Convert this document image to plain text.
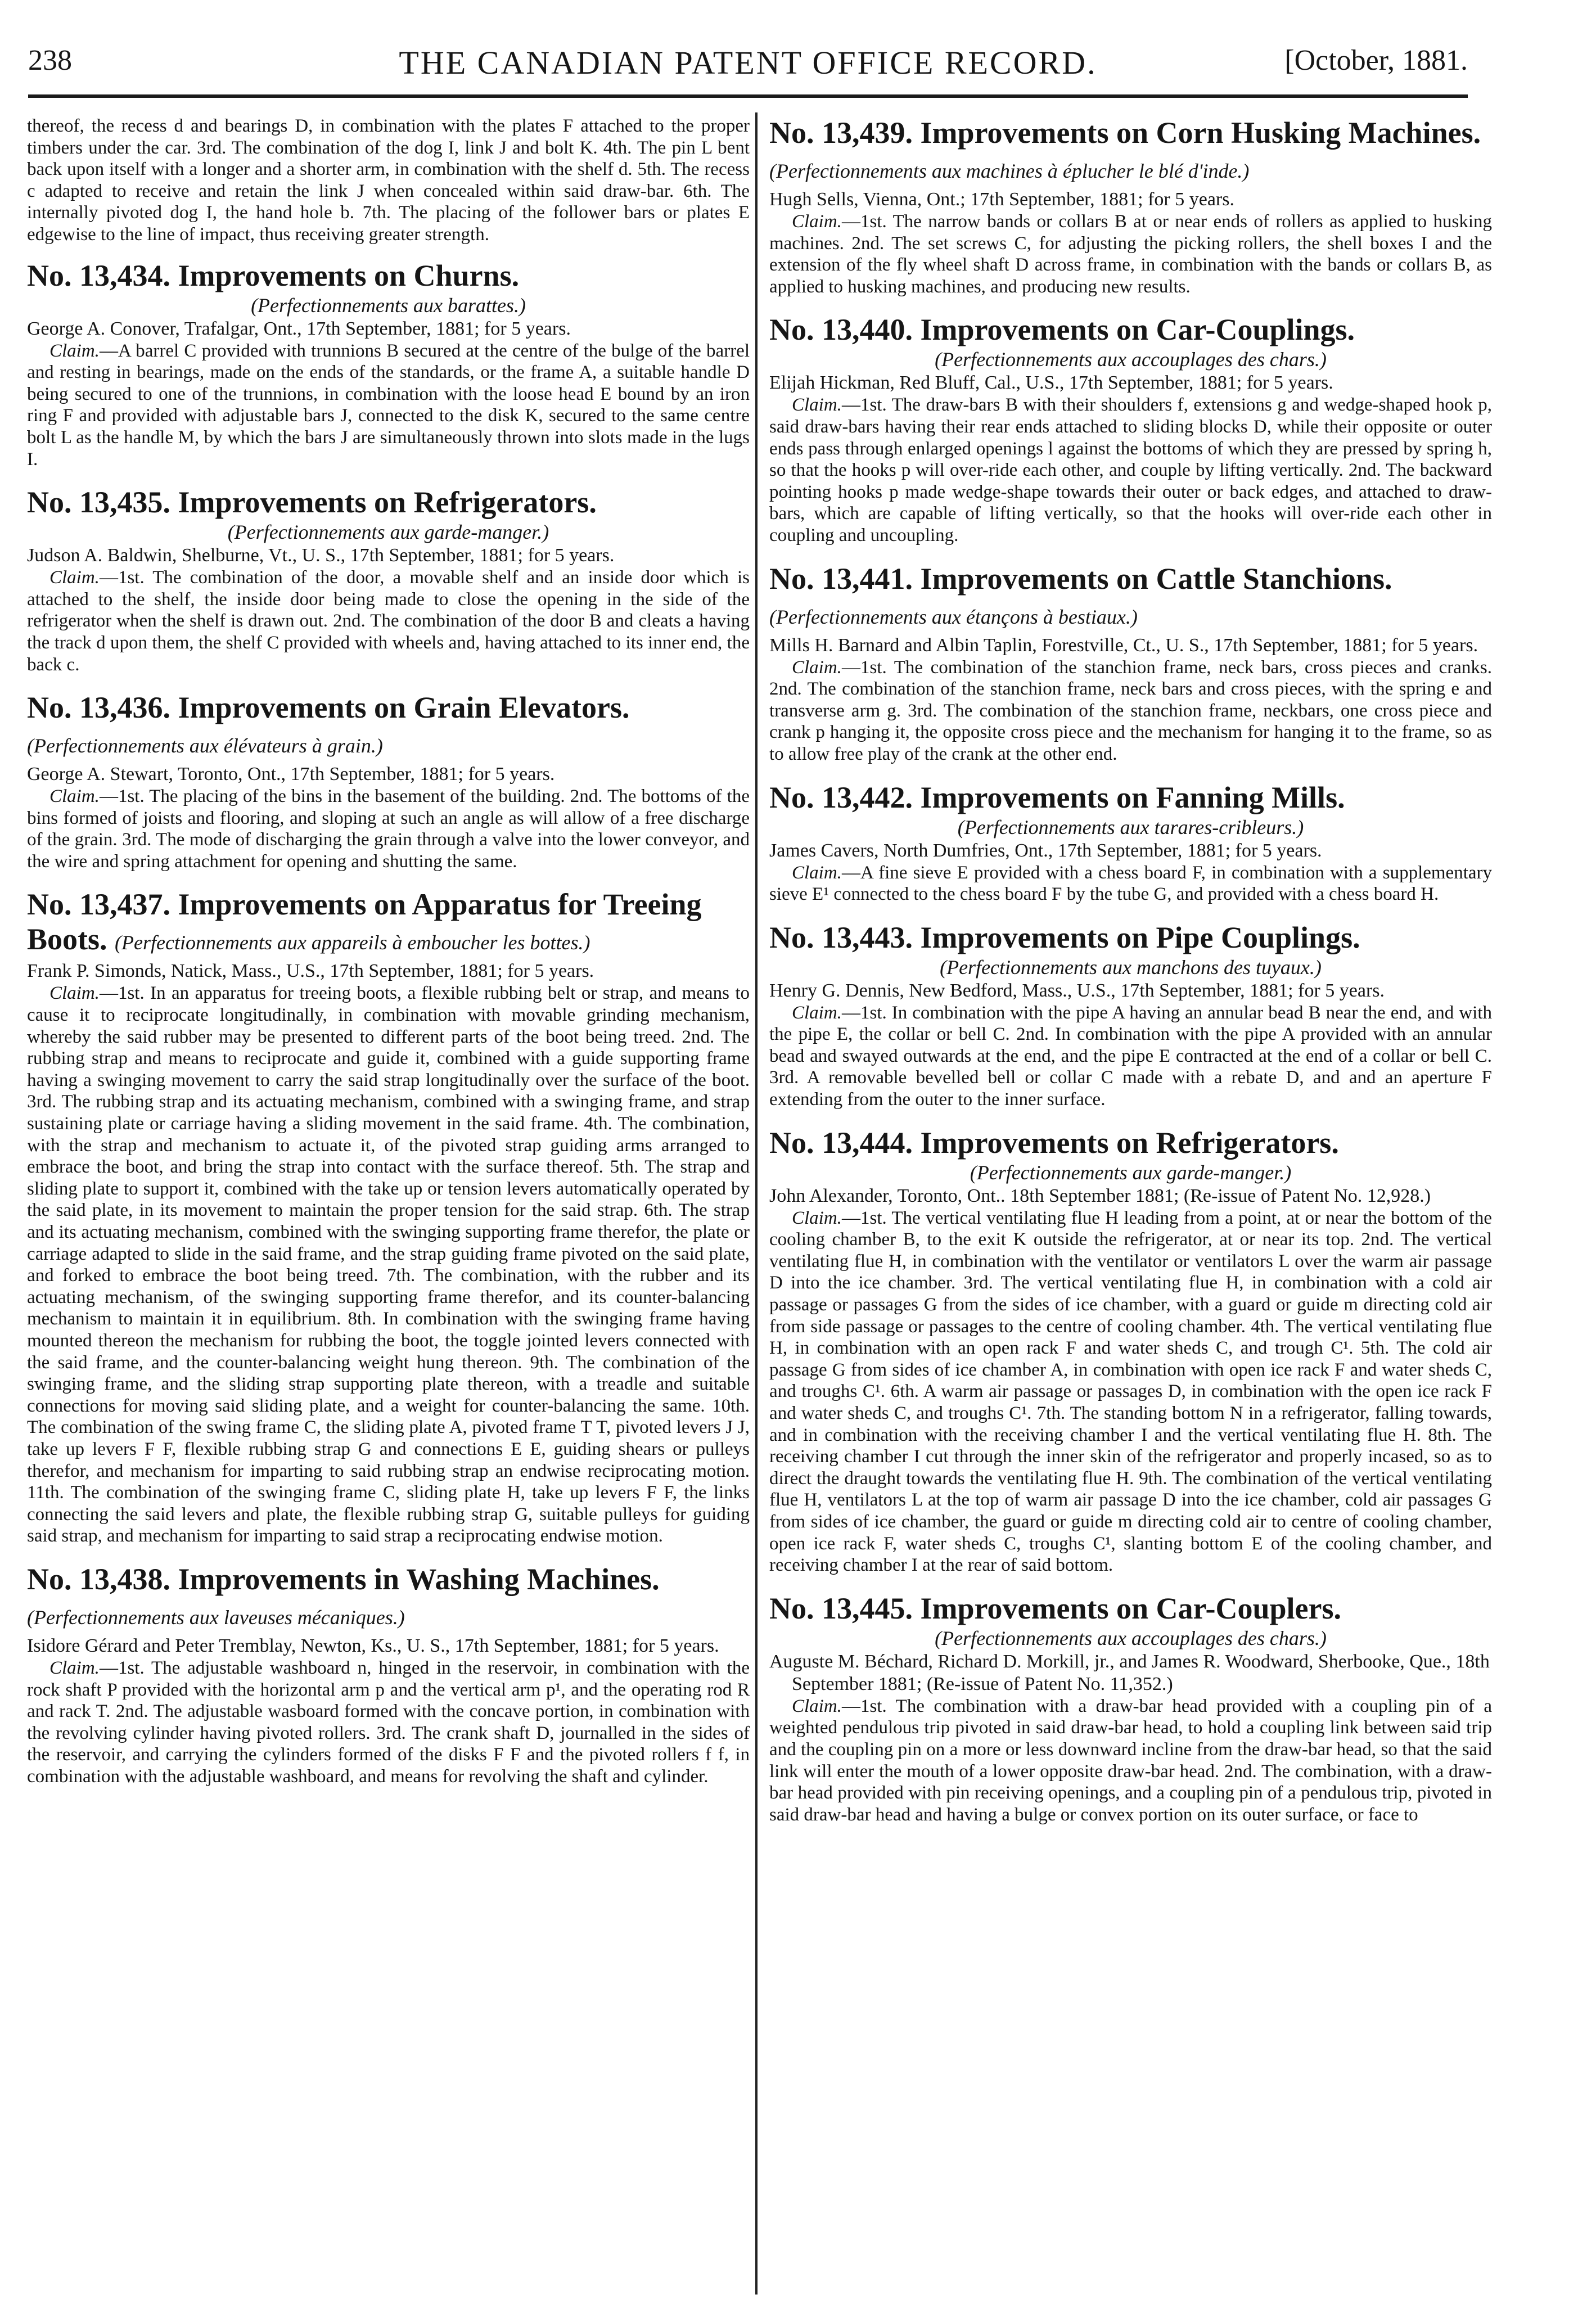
238	THE CANADIAN PATENT OFFICE RECORD.	[October, 1881.

thereof, the recess d and bearings D, in combination with the plates F attached to the proper timbers under the car. 3rd. The combination of the dog I, link J and bolt K. 4th. The pin L bent back upon itself with a longer and a shorter arm, in combination with the shelf d. 5th. The recess c adapted to receive and retain the link J when concealed within said draw-bar. 6th. The internally pivoted dog I, the hand hole b. 7th. The placing of the follower bars or plates E edgewise to the line of impact, thus receiving greater strength.

No. 13,434. Improvements on Churns.

(Perfectionnements aux barattes.)

George A. Conover, Trafalgar, Ont., 17th September, 1881; for 5 years.

Claim.—A barrel C provided with trunnions B secured at the centre of the bulge of the barrel and resting in bearings, made on the ends of the standards, or the frame A, a suitable handle D being secured to one of the trunnions, in combination with the loose head E bound by an iron ring F and provided with adjustable bars J, connected to the disk K, secured to the same centre bolt L as the handle M, by which the bars J are simultaneously thrown into slots made in the lugs I.

No. 13,435. Improvements on Refrigerators.

(Perfectionnements aux garde-manger.)

Judson A. Baldwin, Shelburne, Vt., U. S., 17th September, 1881; for 5 years.

Claim.—1st. The combination of the door, a movable shelf and an inside door which is attached to the shelf, the inside door being made to close the opening in the side of the refrigerator when the shelf is drawn out. 2nd. The combination of the door B and cleats a having the track d upon them, the shelf C provided with wheels and, having attached to its inner end, the back c.

No. 13,436. Improvements on Grain Elevators. (Perfectionnements aux élévateurs à grain.)

George A. Stewart, Toronto, Ont., 17th September, 1881; for 5 years.

Claim.—1st. The placing of the bins in the basement of the building. 2nd. The bottoms of the bins formed of joists and flooring, and sloping at such an angle as will allow of a free discharge of the grain. 3rd. The mode of discharging the grain through a valve into the lower conveyor, and the wire and spring attachment for opening and shutting the same.

No. 13,437. Improvements on Apparatus for Treeing Boots. (Perfectionnements aux appareils à emboucher les bottes.)

Frank P. Simonds, Natick, Mass., U.S., 17th September, 1881; for 5 years.

Claim.—1st. In an apparatus for treeing boots, a flexible rubbing belt or strap, and means to cause it to reciprocate longitudinally, in combination with movable grinding mechanism, whereby the said rubber may be presented to different parts of the boot being treed. 2nd. The rubbing strap and means to reciprocate and guide it, combined with a guide supporting frame having a swinging movement to carry the said strap longitudinally over the surface of the boot. 3rd. The rubbing strap and its actuating mechanism, combined with a swinging frame, and strap sustaining plate or carriage having a sliding movement in the said frame. 4th. The combination, with the strap and mechanism to actuate it, of the pivoted strap guiding arms arranged to embrace the boot, and bring the strap into contact with the surface thereof. 5th. The strap and sliding plate to support it, combined with the take up or tension levers automatically operated by the said plate, in its movement to maintain the proper tension for the said strap. 6th. The strap and its actuating mechanism, combined with the swinging supporting frame therefor, the plate or carriage adapted to slide in the said frame, and the strap guiding frame pivoted on the said plate, and forked to embrace the boot being treed. 7th. The combination, with the rubber and its actuating mechanism, of the swinging supporting frame therefor, and its counter-balancing mechanism to maintain it in equilibrium. 8th. In combination with the swinging frame having mounted thereon the mechanism for rubbing the boot, the toggle jointed levers connected with the said frame, and the counter-balancing weight hung thereon. 9th. The combination of the swinging frame, and the sliding strap supporting plate thereon, with a treadle and suitable connections for moving said sliding plate, and a weight for counter-balancing the same. 10th. The combination of the swing frame C, the sliding plate A, pivoted frame T T, pivoted levers J J, take up levers F F, flexible rubbing strap G and connections E E, guiding shears or pulleys therefor, and mechanism for imparting to said rubbing strap an endwise reciprocating motion. 11th. The combination of the swinging frame C, sliding plate H, take up levers F F, the links connecting the said levers and plate, the flexible rubbing strap G, suitable pulleys for guiding said strap, and mechanism for imparting to said strap a reciprocating endwise motion.

No. 13,438. Improvements in Washing Machines. (Perfectionnements aux laveuses mécaniques.)

Isidore Gérard and Peter Tremblay, Newton, Ks., U. S., 17th September, 1881; for 5 years.

Claim.—1st. The adjustable washboard n, hinged in the reservoir, in combination with the rock shaft P provided with the horizontal arm p and the vertical arm p¹, and the operating rod R and rack T. 2nd. The adjustable wasboard formed with the concave portion, in combination with the revolving cylinder having pivoted rollers. 3rd. The crank shaft D, journalled in the sides of the reservoir, and carrying the cylinders formed of the disks F F and the pivoted rollers f f, in combination with the adjustable washboard, and means for revolving the shaft and cylinder.

No. 13,439. Improvements on Corn Husking Machines. (Perfectionnements aux machines à éplucher le blé d'inde.)

Hugh Sells, Vienna, Ont.; 17th September, 1881; for 5 years.

Claim.—1st. The narrow bands or collars B at or near ends of rollers as applied to husking machines. 2nd. The set screws C, for adjusting the picking rollers, the shell boxes I and the extension of the fly wheel shaft D across frame, in combination with the bands or collars B, as applied to husking machines, and producing new results.

No. 13,440. Improvements on Car-Couplings.

(Perfectionnements aux accouplages des chars.)

Elijah Hickman, Red Bluff, Cal., U.S., 17th September, 1881; for 5 years.

Claim.—1st. The draw-bars B with their shoulders f, extensions g and wedge-shaped hook p, said draw-bars having their rear ends attached to sliding blocks D, while their opposite or outer ends pass through enlarged openings l against the bottoms of which they are pressed by spring h, so that the hooks p will over-ride each other, and couple by lifting vertically. 2nd. The backward pointing hooks p made wedge-shape towards their outer or back edges, and attached to draw-bars, which are capable of lifting vertically, so that the hooks will over-ride each other in coupling and uncoupling.

No. 13,441. Improvements on Cattle Stanchions. (Perfectionnements aux étançons à bestiaux.)

Mills H. Barnard and Albin Taplin, Forestville, Ct., U. S., 17th September, 1881; for 5 years.

Claim.—1st. The combination of the stanchion frame, neck bars, cross pieces and cranks. 2nd. The combination of the stanchion frame, neck bars and cross pieces, with the spring e and transverse arm g. 3rd. The combination of the stanchion frame, neckbars, one cross piece and crank p hanging it, the opposite cross piece and the mechanism for hanging it to the frame, so as to allow free play of the crank at the other end.

No. 13,442. Improvements on Fanning Mills.

(Perfectionnements aux tarares-cribleurs.)

James Cavers, North Dumfries, Ont., 17th September, 1881; for 5 years.

Claim.—A fine sieve E provided with a chess board F, in combination with a supplementary sieve E¹ connected to the chess board F by the tube G, and provided with a chess board H.

No. 13,443. Improvements on Pipe Couplings.

(Perfectionnements aux manchons des tuyaux.)

Henry G. Dennis, New Bedford, Mass., U.S., 17th September, 1881; for 5 years.

Claim.—1st. In combination with the pipe A having an annular bead B near the end, and with the pipe E, the collar or bell C. 2nd. In combination with the pipe A provided with an annular bead and swayed outwards at the end, and the pipe E contracted at the end of a collar or bell C. 3rd. A removable bevelled bell or collar C made with a rebate D, and and an aperture F extending from the outer to the inner surface.

No. 13,444. Improvements on Refrigerators.

(Perfectionnements aux garde-manger.)

John Alexander, Toronto, Ont.. 18th September 1881; (Re-issue of Patent No. 12,928.)

Claim.—1st. The vertical ventilating flue H leading from a point, at or near the bottom of the cooling chamber B, to the exit K outside the refrigerator, at or near its top. 2nd. The vertical ventilating flue H, in combination with the ventilator or ventilators L over the warm air passage D into the ice chamber. 3rd. The vertical ventilating flue H, in combination with a cold air passage or passages G from the sides of ice chamber, with a guard or guide m directing cold air from side passage or passages to the centre of cooling chamber. 4th. The vertical ventilating flue H, in combination with an open rack F and water sheds C, and trough C¹. 5th. The cold air passage G from sides of ice chamber A, in combination with open ice rack F and water sheds C, and troughs C¹. 6th. A warm air passage or passages D, in combination with the open ice rack F and water sheds C, and troughs C¹. 7th. The standing bottom N in a refrigerator, falling towards, and in combination with the receiving chamber I and the vertical ventilating flue H. 8th. The receiving chamber I cut through the inner skin of the refrigerator and properly incased, so as to direct the draught towards the ventilating flue H. 9th. The combination of the vertical ventilating flue H, ventilators L at the top of warm air passage D into the ice chamber, cold air passages G from sides of ice chamber, the guard or guide m directing cold air to centre of cooling chamber, open ice rack F, water sheds C, troughs C¹, slanting bottom E of the cooling chamber, and receiving chamber I at the rear of said bottom.

No. 13,445. Improvements on Car-Couplers.

(Perfectionnements aux accouplages des chars.)

Auguste M. Béchard, Richard D. Morkill, jr., and James R. Woodward, Sherbooke, Que., 18th September 1881; (Re-issue of Patent No. 11,352.)

Claim.—1st. The combination with a draw-bar head provided with a coupling pin of a weighted pendulous trip pivoted in said draw-bar head, to hold a coupling link between said trip and the coupling pin on a more or less downward incline from the draw-bar head, so that the said link will enter the mouth of a lower opposite draw-bar head. 2nd. The combination, with a draw-bar head provided with pin receiving openings, and a coupling pin of a pendulous trip, pivoted in said draw-bar head and having a bulge or convex portion on its outer surface, or face to
